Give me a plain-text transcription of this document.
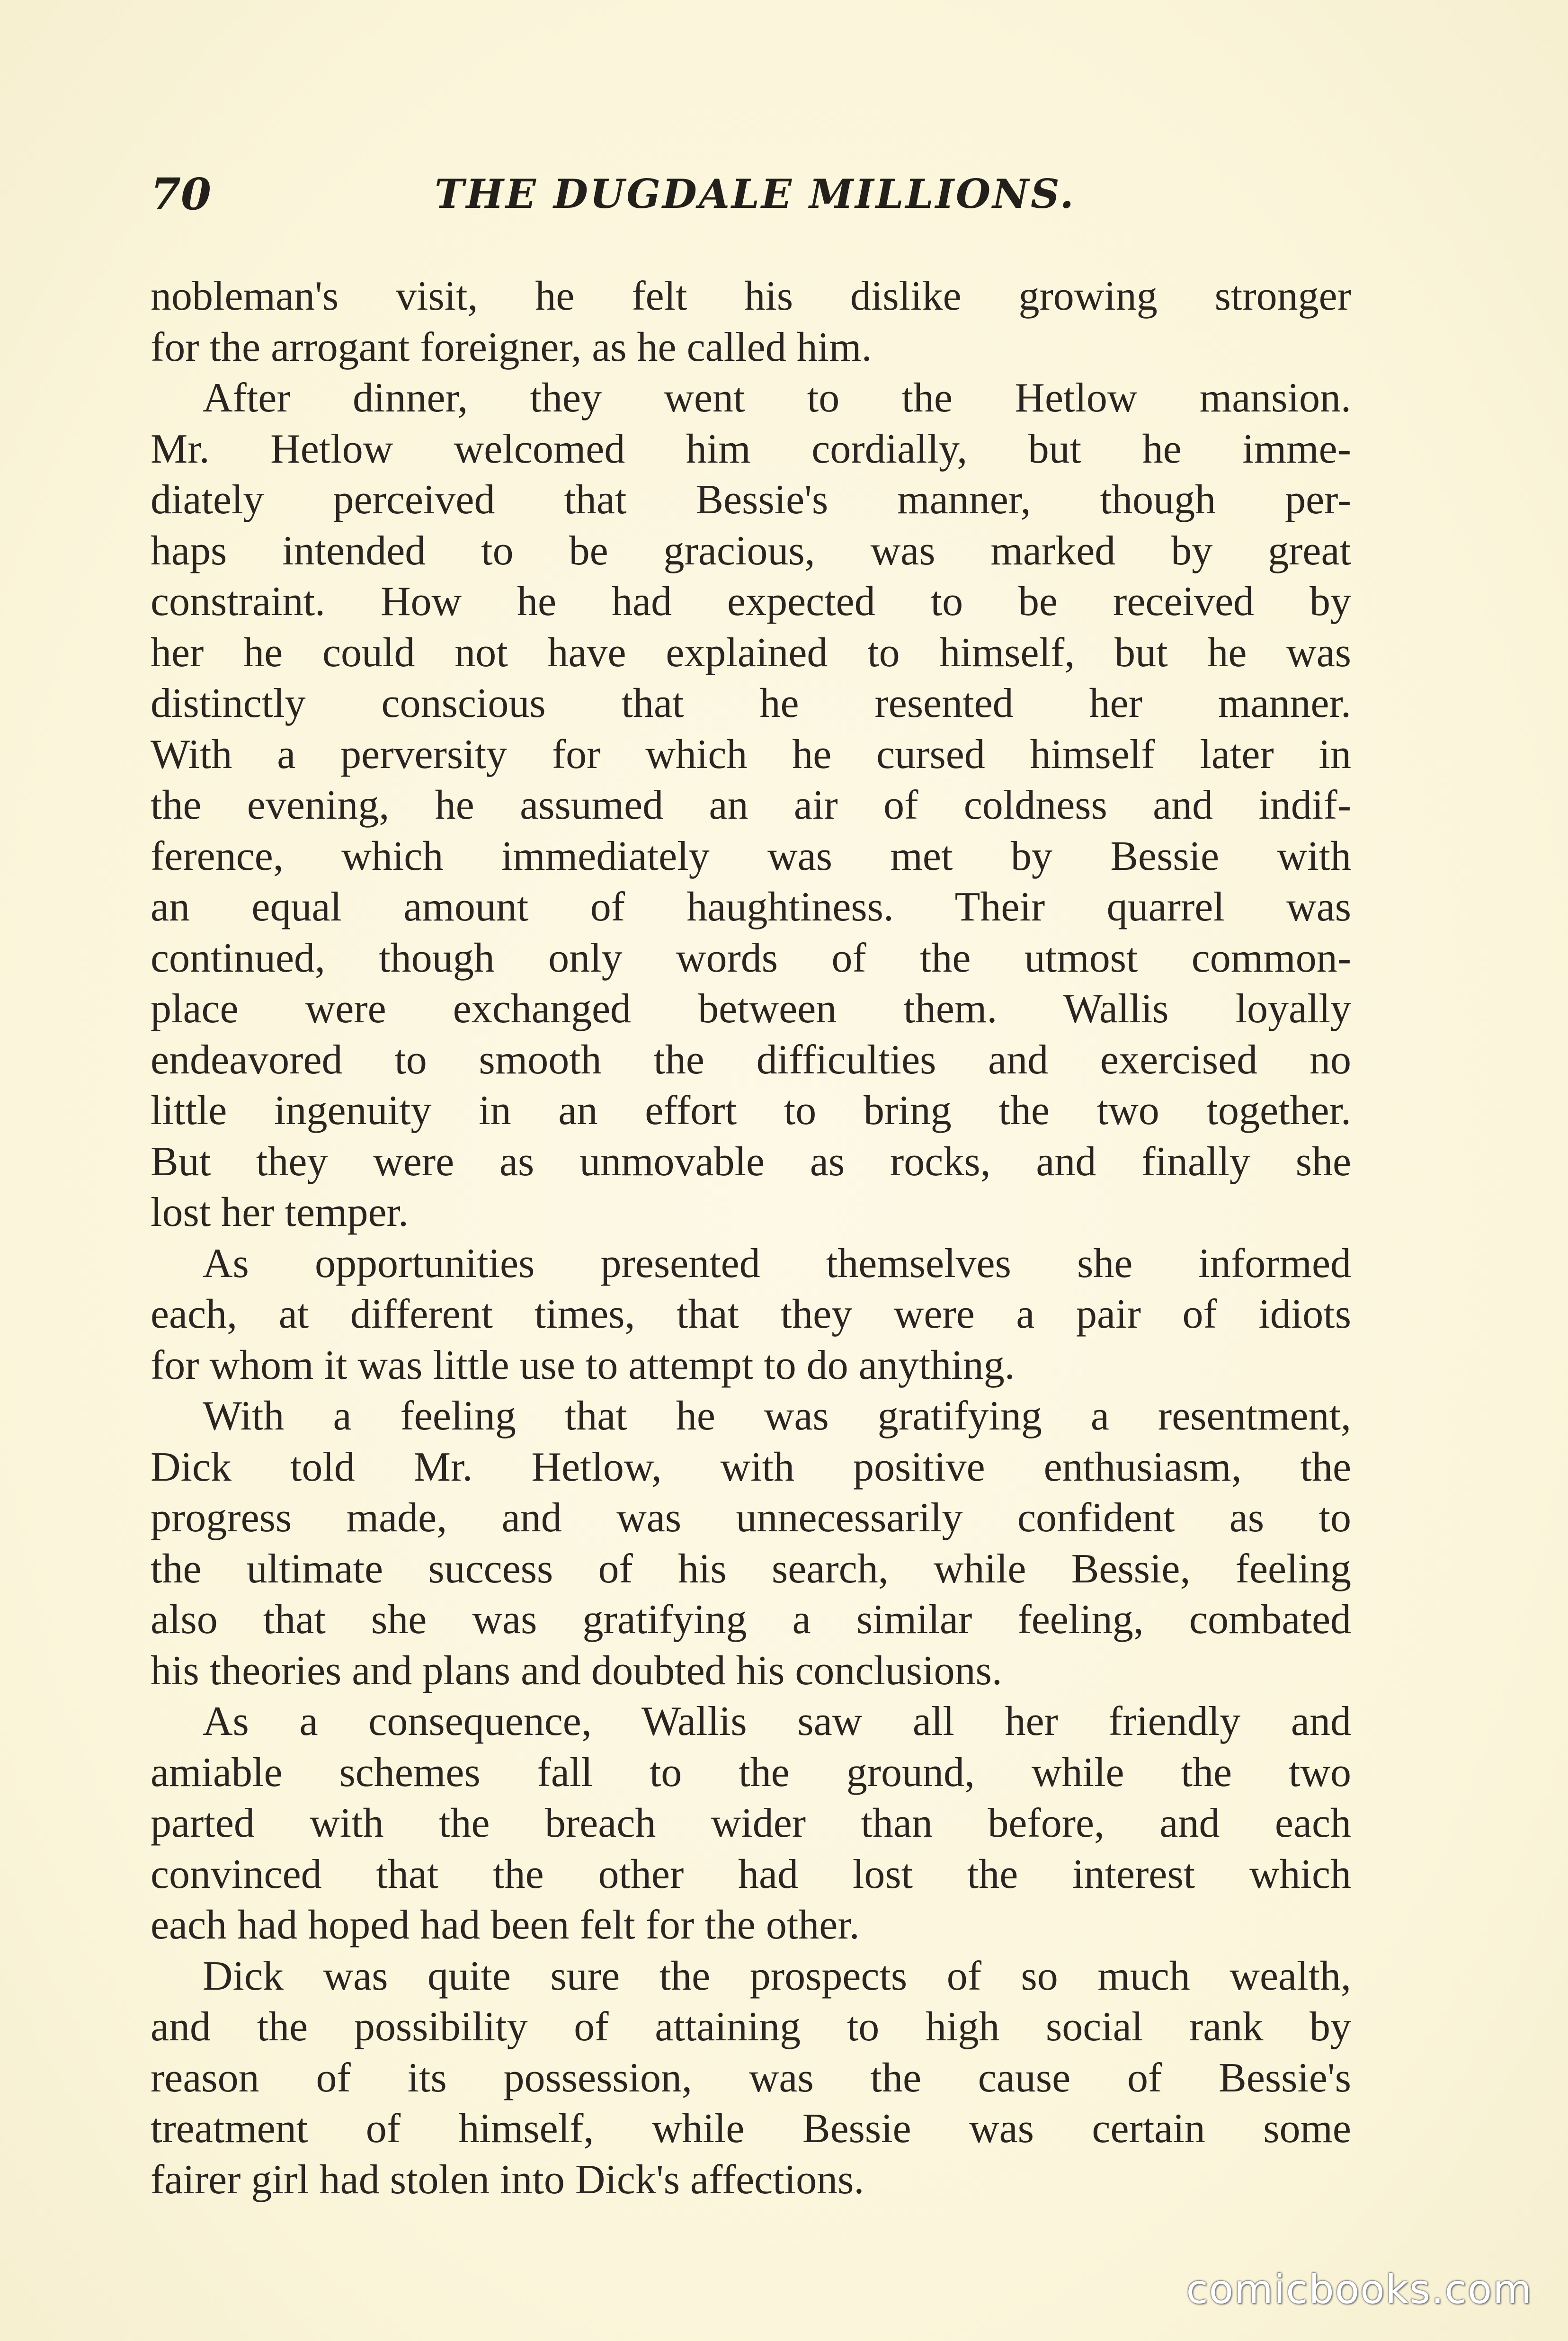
70	THE DUGDALE MILLIONS.
nobleman's visit, he felt his dislike growing stronger
for the arrogant foreigner, as he called him.
After dinner, they went to the Hetlow mansion.
Mr. Hetlow welcomed him cordially, but he imme-
diately perceived that Bessie's manner, though per-
haps intended to be gracious, was marked by great
constraint. How he had expected to be received by
her he could not have explained to himself, but he was
distinctly conscious that he resented her manner.
With a perversity for which he cursed himself later in
the evening, he assumed an air of coldness and indif-
ference, which immediately was met by Bessie with
an equal amount of haughtiness. Their quarrel was
continued, though only words of the utmost common-
place were exchanged between them. Wallis loyally
endeavored to smooth the difficulties and exercised no
little ingenuity in an effort to bring the two together.
But they were as unmovable as rocks, and finally she
lost her temper.
As opportunities presented themselves she informed
each, at different times, that they were a pair of idiots
for whom it was little use to attempt to do anything.
With a feeling that he was gratifying a resentment,
Dick told Mr. Hetlow, with positive enthusiasm, the
progress made, and was unnecessarily confident as to
the ultimate success of his search, while Bessie, feeling
also that she was gratifying a similar feeling, combated
his theories and plans and doubted his conclusions.
As a consequence, Wallis saw all her friendly and
amiable schemes fall to the ground, while the two
parted with the breach wider than before, and each
convinced that the other had lost the interest which
each had hoped had been felt for the other.
Dick was quite sure the prospects of so much wealth,
and the possibility of attaining to high social rank by
reason of its possession, was the cause of Bessie's
treatment of himself, while Bessie was certain some
fairer girl had stolen into Dick's affections.
comicbooks.com
